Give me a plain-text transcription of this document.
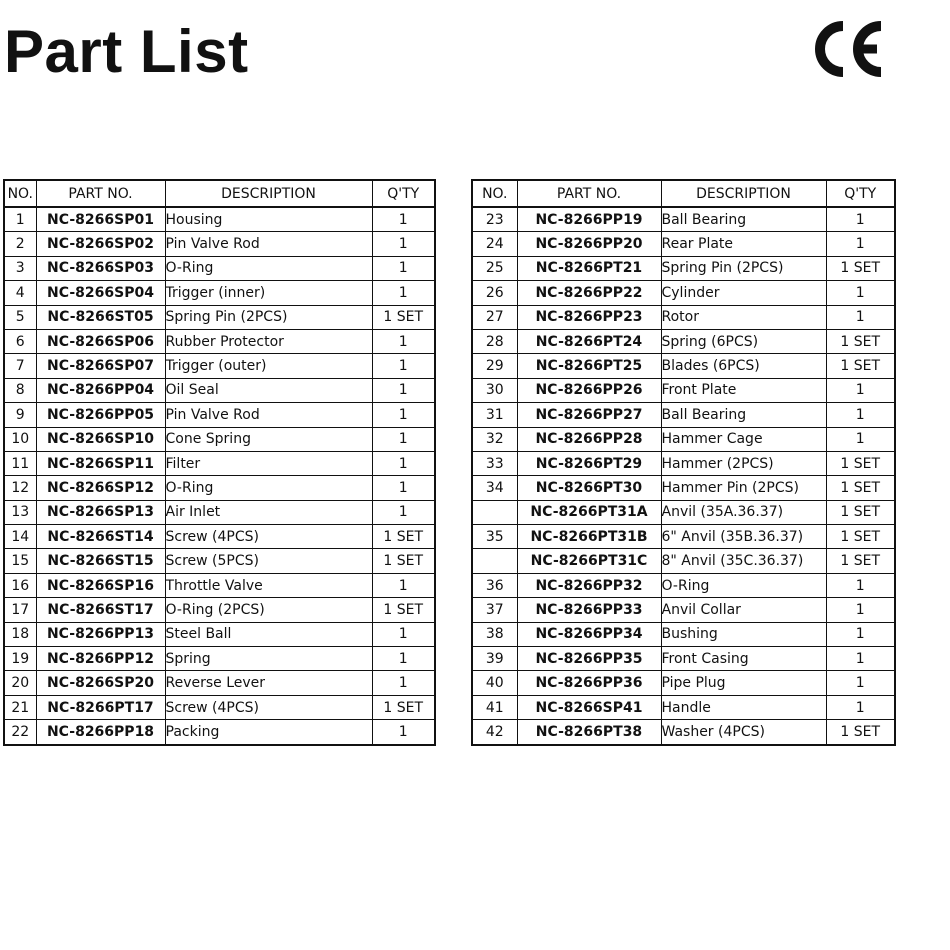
Part List
NO.	PART NO.	DESCRIPTION	Q'TY
1	NC-8266SP01	Housing	1
2	NC-8266SP02	Pin Valve Rod	1
3	NC-8266SP03	O-Ring	1
4	NC-8266SP04	Trigger (inner)	1
5	NC-8266ST05	Spring Pin (2PCS)	1 SET
6	NC-8266SP06	Rubber Protector	1
7	NC-8266SP07	Trigger (outer)	1
8	NC-8266PP04	Oil Seal	1
9	NC-8266PP05	Pin Valve Rod	1
10	NC-8266SP10	Cone Spring	1
11	NC-8266SP11	Filter	1
12	NC-8266SP12	O-Ring	1
13	NC-8266SP13	Air Inlet	1
14	NC-8266ST14	Screw (4PCS)	1 SET
15	NC-8266ST15	Screw (5PCS)	1 SET
16	NC-8266SP16	Throttle Valve	1
17	NC-8266ST17	O-Ring (2PCS)	1 SET
18	NC-8266PP13	Steel Ball	1
19	NC-8266PP12	Spring	1
20	NC-8266SP20	Reverse Lever	1
21	NC-8266PT17	Screw (4PCS)	1 SET
22	NC-8266PP18	Packing	1
NO.	PART NO.	DESCRIPTION	Q'TY
23	NC-8266PP19	Ball Bearing	1
24	NC-8266PP20	Rear Plate	1
25	NC-8266PT21	Spring Pin (2PCS)	1 SET
26	NC-8266PP22	Cylinder	1
27	NC-8266PP23	Rotor	1
28	NC-8266PT24	Spring (6PCS)	1 SET
29	NC-8266PT25	Blades (6PCS)	1 SET
30	NC-8266PP26	Front Plate	1
31	NC-8266PP27	Ball Bearing	1
32	NC-8266PP28	Hammer Cage	1
33	NC-8266PT29	Hammer (2PCS)	1 SET
34	NC-8266PT30	Hammer Pin (2PCS)	1 SET
	NC-8266PT31A	Anvil (35A.36.37)	1 SET
35	NC-8266PT31B	6" Anvil (35B.36.37)	1 SET
	NC-8266PT31C	8" Anvil (35C.36.37)	1 SET
36	NC-8266PP32	O-Ring	1
37	NC-8266PP33	Anvil Collar	1
38	NC-8266PP34	Bushing	1
39	NC-8266PP35	Front Casing	1
40	NC-8266PP36	Pipe Plug	1
41	NC-8266SP41	Handle	1
42	NC-8266PT38	Washer (4PCS)	1 SET
